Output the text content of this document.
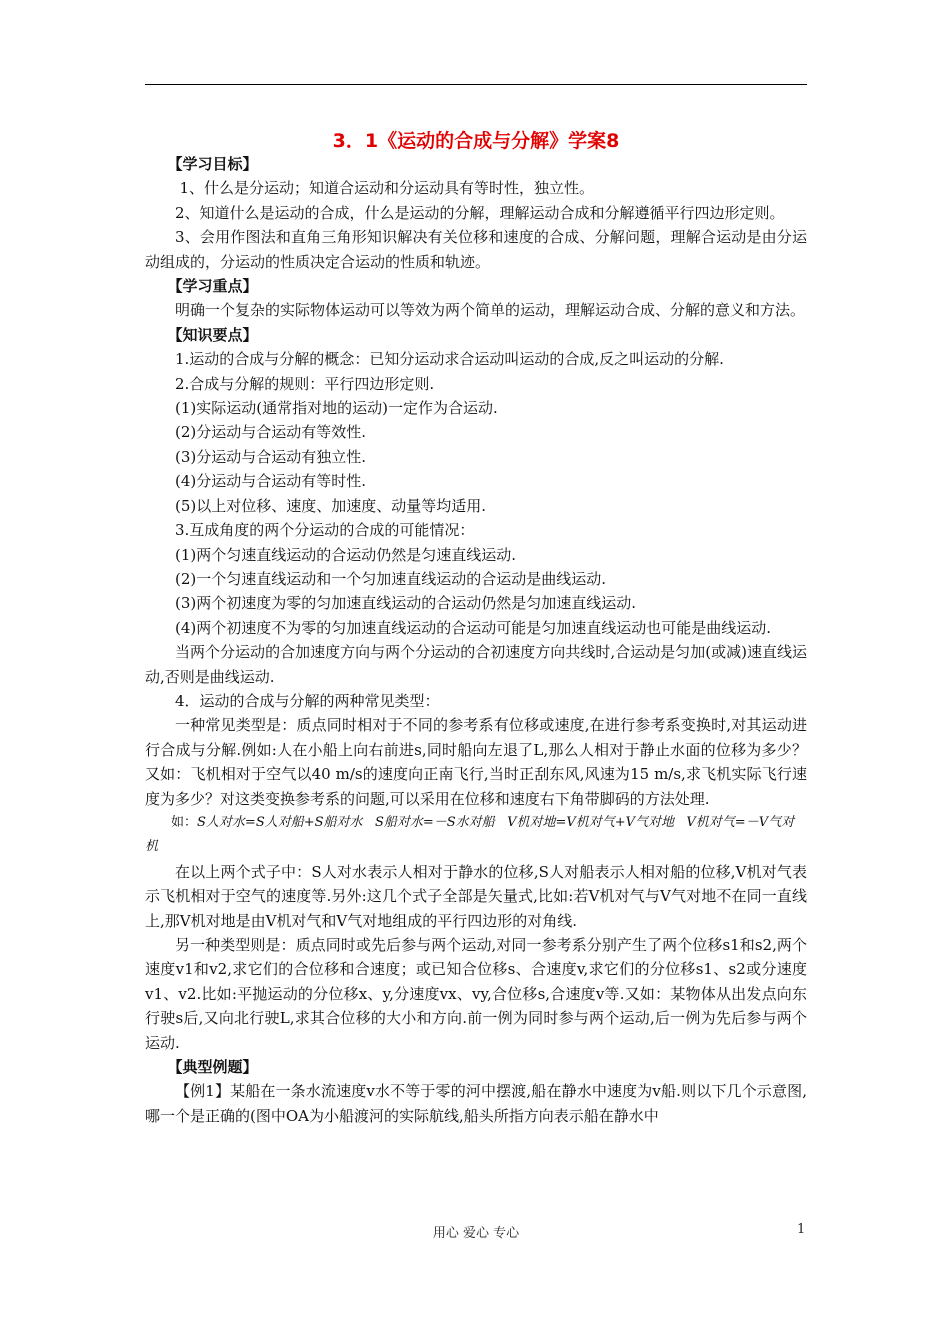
3．1《运动的合成与分解》学案8

【学习目标】

1、什么是分运动；知道合运动和分运动具有等时性，独立性。

2、知道什么是运动的合成，什么是运动的分解，理解运动合成和分解遵循平行四边形定则。

3、会用作图法和直角三角形知识解决有关位移和速度的合成、分解问题，理解合运动是由分运动组成的，分运动的性质决定合运动的性质和轨迹。

【学习重点】

明确一个复杂的实际物体运动可以等效为两个简单的运动，理解运动合成、分解的意义和方法。

【知识要点】

1.运动的合成与分解的概念：已知分运动求合运动叫运动的合成,反之叫运动的分解.

2.合成与分解的规则：平行四边形定则.

(1)实际运动(通常指对地的运动)一定作为合运动.

(2)分运动与合运动有等效性.

(3)分运动与合运动有独立性.

(4)分运动与合运动有等时性.

(5)以上对位移、速度、加速度、动量等均适用.

3.互成角度的两个分运动的合成的可能情况：

(1)两个匀速直线运动的合运动仍然是匀速直线运动.

(2)一个匀速直线运动和一个匀加速直线运动的合运动是曲线运动.

(3)两个初速度为零的匀加速直线运动的合运动仍然是匀加速直线运动.

(4)两个初速度不为零的匀加速直线运动的合运动可能是匀加速直线运动也可能是曲线运动.

当两个分运动的合加速度方向与两个分运动的合初速度方向共线时,合运动是匀加(或减)速直线运动,否则是曲线运动.

4．运动的合成与分解的两种常见类型：

一种常见类型是：质点同时相对于不同的参考系有位移或速度,在进行参考系变换时,对其运动进行合成与分解.例如:人在小船上向右前进s,同时船向左退了L,那么人相对于静止水面的位移为多少？又如：飞机相对于空气以40 m/s的速度向正南飞行,当时正刮东风,风速为15 m/s,求飞机实际飞行速度为多少？对这类变换参考系的问题,可以采用在位移和速度右下角带脚码的方法处理.

如：S人对水=S人对船+S船对水 S船对水=－S水对船 V机对地=V机对气+V气对地 V机对气=－V气对机

在以上两个式子中：S人对水表示人相对于静水的位移,S人对船表示人相对船的位移,V机对气表示飞机相对于空气的速度等.另外:这几个式子全部是矢量式,比如:若V机对气与V气对地不在同一直线上,那V机对地是由V机对气和V气对地组成的平行四边形的对角线.

另一种类型则是：质点同时或先后参与两个运动,对同一参考系分别产生了两个位移s1和s2,两个速度v1和v2,求它们的合位移和合速度；或已知合位移s、合速度v,求它们的分位移s1、s2或分速度v1、v2.比如:平抛运动的分位移x、y,分速度vx、vy,合位移s,合速度v等.又如：某物体从出发点向东行驶s后,又向北行驶L,求其合位移的大小和方向.前一例为同时参与两个运动,后一例为先后参与两个运动.

【典型例题】

【例1】某船在一条水流速度v水不等于零的河中摆渡,船在静水中速度为v船.则以下几个示意图,哪一个是正确的(图中OA为小船渡河的实际航线,船头所指方向表示船在静水中

用心 爱心 专心	1
